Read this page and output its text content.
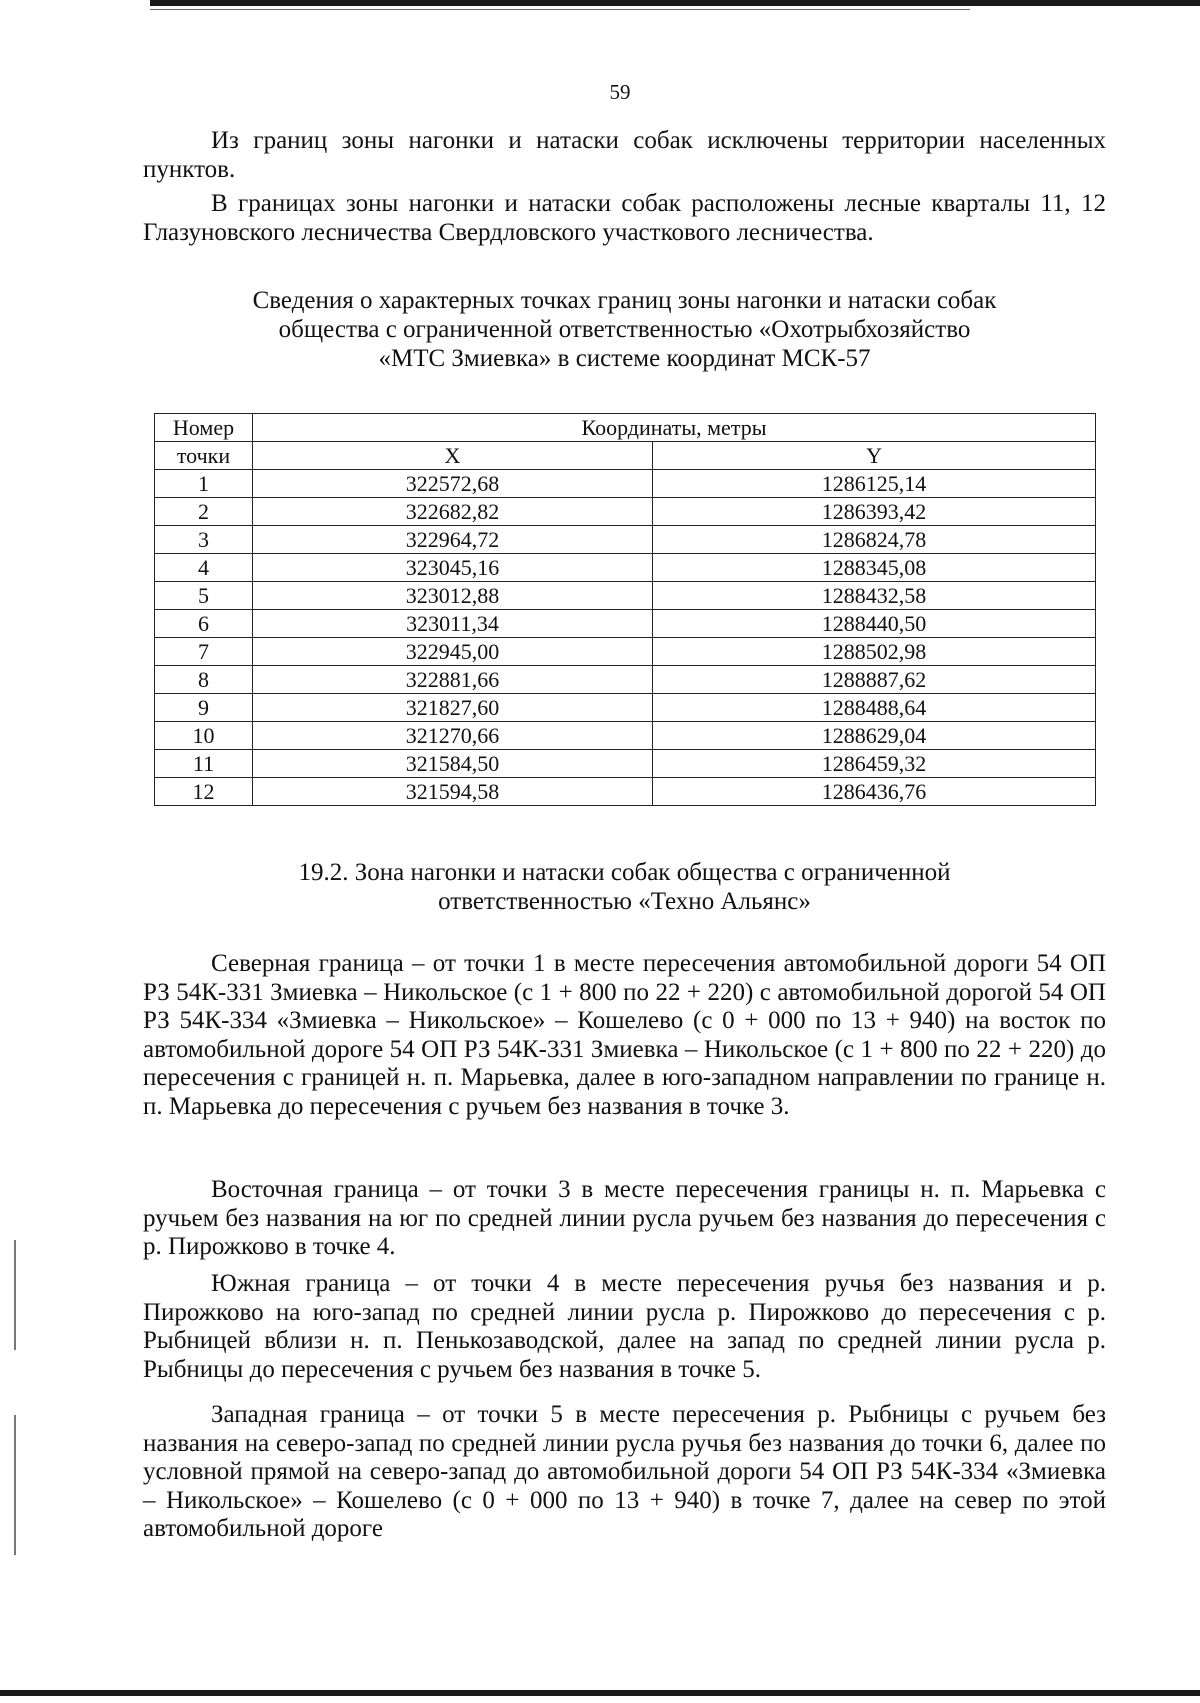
59

Из границ зоны нагонки и натаски собак исключены территории населенных пунктов.

В границах зоны нагонки и натаски собак расположены лесные кварталы 11, 12 Глазуновского лесничества Свердловского участкового лесничества.

Сведения о характерных точках границ зоны нагонки и натаски собак
общества с ограниченной ответственностью «Охотрыбхозяйство
«МТС Змиевка» в системе координат МСК-57
Номер	Координаты, метры	
точки	X	Y
1	322572,68	1286125,14
2	322682,82	1286393,42
3	322964,72	1286824,78
4	323045,16	1288345,08
5	323012,88	1288432,58
6	323011,34	1288440,50
7	322945,00	1288502,98
8	322881,66	1288887,62
9	321827,60	1288488,64
10	321270,66	1288629,04
11	321584,50	1286459,32
12	321594,58	1286436,76
19.2. Зона нагонки и натаски собак общества с ограниченной
ответственностью «Техно Альянс»

Северная граница – от точки 1 в месте пересечения автомобильной дороги 54 ОП РЗ 54К-331 Змиевка – Никольское (с 1 + 800 по 22 + 220) с автомобильной дорогой 54 ОП РЗ 54К-334 «Змиевка – Никольское» – Кошелево (с 0 + 000 по 13 + 940) на восток по автомобильной дороге 54 ОП РЗ 54К-331 Змиевка – Никольское (с 1 + 800 по 22 + 220) до пересечения с границей н. п. Марьевка, далее в юго-западном направлении по границе н. п. Марьевка до пересечения с ручьем без названия в точке 3.

Восточная граница – от точки 3 в месте пересечения границы н. п. Марьевка с ручьем без названия на юг по средней линии русла ручьем без названия до пересечения с р. Пирожково в точке 4.

Южная граница – от точки 4 в месте пересечения ручья без названия и р. Пирожково на юго-запад по средней линии русла р. Пирожково до пересечения с р. Рыбницей вблизи н. п. Пенькозаводской, далее на запад по средней линии русла р. Рыбницы до пересечения с ручьем без названия в точке 5.

Западная граница – от точки 5 в месте пересечения р. Рыбницы с ручьем без названия на северо-запад по средней линии русла ручья без названия до точки 6, далее по условной прямой на северо-запад до автомобильной дороги 54 ОП РЗ 54К-334 «Змиевка – Никольское» – Кошелево (с 0 + 000 по 13 + 940) в точке 7, далее на север по этой автомобильной дороге
